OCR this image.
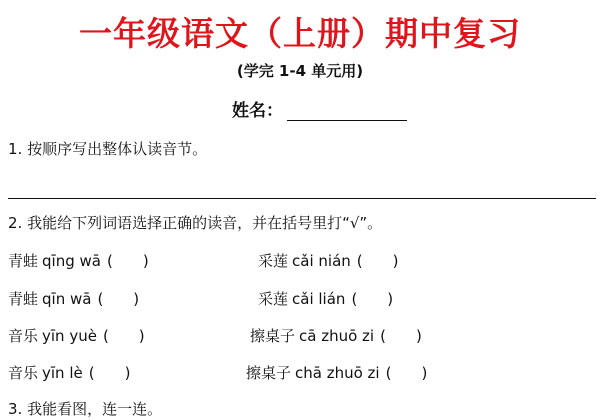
一年级语文（上册）期中复习
(学完 1-4 单元用)
姓名：
1. 按顺序写出整体认读音节。
2. 我能给下列词语选择正确的读音，并在括号里打“√”。
青蛙 qīng wā (　　)
青蛙 qīn wā (　　)
音乐 yīn yuè (　　)
音乐 yīn lè (　　)
采莲 cǎi nián (　　)
采莲 cǎi lián (　　)
擦桌子 cā zhuō zi (　　)
擦桌子 chā zhuō zi (　　)
3. 我能看图，连一连。
